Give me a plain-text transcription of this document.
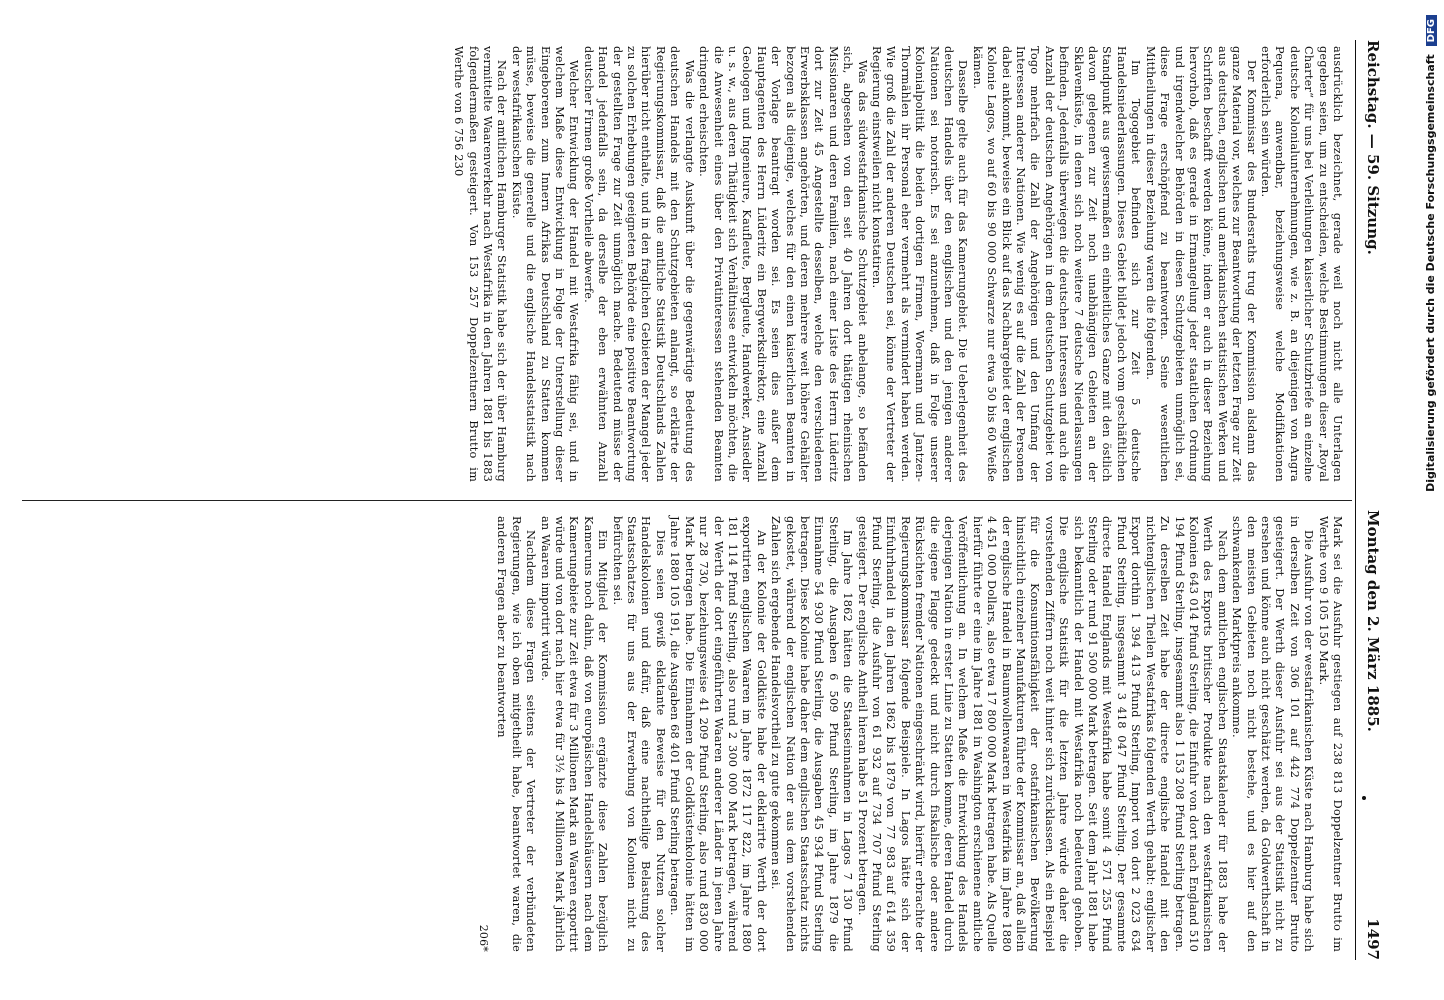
Reichstag. — 59. Sitzung.
Montag den 2. März 1885.
1497

ausdrücklich bezeichnet, gerade weil noch nicht alle Unterlagen gegeben seien, um zu entscheiden, welche Bestimmungen dieser „Royal Charter“ für uns bei Verleihungen kaiserlicher Schutzbriefe an einzelne deutsche Kolonialunternehmungen, wie z. B. an diejenigen von Angra Pequena, anwendbar, beziehungsweise welche Modifikationen erforderlich sein würden.

Der Kommissar des Bundesraths trug der Kommission alsdann das ganze Material vor, welches zur Beantwortung der letzten Frage zur Zeit aus deutschen, englischen und amerikanischen statistischen Werken und Schriften beschafft werden könne, indem er auch in dieser Beziehung hervorhob, daß es gerade in Ermangelung jeder staatlichen Ordnung und irgendwelcher Behörden in diesen Schutzgebieten unmöglich sei, diese Frage erschöpfend zu beantworten. Seine wesentlichen Mittheilungen in dieser Beziehung waren die folgenden.

Im Togogebiet befinden sich zur Zeit 5 deutsche Handelsniederlassungen. Dieses Gebiet bildet jedoch vom geschäftlichen Standpunkt aus gewissermaßen ein einheitliches Ganze mit den östlich davon gelegenen zur Zeit noch unabhängigen Gebieten an der Sklavenküste, in denen sich noch weitere 7 deutsche Niederlassungen befinden. Jedenfalls überwiegen die deutschen Interessen und auch die Anzahl der deutschen Angehörigen in dem deutschen Schutzgebiet von Togo mehrfach die Zahl der Angehörigen und den Umfang der Interessen anderer Nationen. Wie wenig es auf die Zahl der Personen dabei ankommt, beweise ein Blick auf das Nachbargebiet der englischen Kolonie Lagos, wo auf 60 bis 90 000 Schwarze nur etwa 50 bis 60 Weiße kämen.

Dasselbe gelte auch für das Kamerungebiet. Die Ueberlegenheit des deutschen Handels über den englischen und den jenigen anderer Nationen sei notorisch. Es sei anzunehmen, daß in Folge unserer Kolonialpolitik die beiden dortigen Firmen, Woermann und Jantzen-Thormählen ihr Personal eher vermehrt als vermindert haben werden. Wie groß die Zahl der anderen Deutschen sei, könne der Vertreter der Regierung einstweilen nicht konstatiren.

Was das südwestafrikanische Schutzgebiet anbelange, so befänden sich, abgesehen von den seit 40 Jahren dort thätigen rheinischen Missionaren und deren Familien, nach einer Liste des Herrn Lüderitz dort zur Zeit 45 Angestellte desselben, welche den verschiedenen Erwerbsklassen angehörten, und deren mehrere weit höhere Gehälter bezogen als diejenige, welches für den einen kaiserlichen Beamten in der Vorlage beantragt worden sei. Es seien dies außer dem Hauptagenten des Herrn Lüderitz ein Bergwerksdirektor, eine Anzahl Geologen und Ingenieure, Kaufleute, Bergleute, Handwerker, Ansiedler u. s. w., aus deren Thätigkeit sich Verhältnisse entwickeln möchten, die die Anwesenheit eines über den Privatinteressen stehenden Beamten dringend erheischten.

Was die verlangte Auskunft über die gegenwärtige Bedeutung des deutschen Handels mit den Schutzgebieten anlangt, so erklärte der Regierungskommissar, daß die amtliche Statistik Deutschlands Zahlen hierüber nicht enthalte, und in den fraglichen Gebieten der Mangel jeder zu solchen Erhebungen geeigneten Behörde eine positive Beantwortung der gestellten Frage zur Zeit unmöglich mache. Bedeutend müsse der Handel jedenfalls sein, da derselbe der eben erwähnten Anzahl deutscher Firmen große Vortheile abwerfe.

Welcher Entwicklung der Handel mit Westafrika fähig sei, und in welchem Maße diese Entwicklung in Folge der Unterstellung dieser Eingeborenen zum Innern Afrikas Deutschland zu Statten kommen müsse, beweise die generelle und die englische Handelsstatistik nach der westafrikanischen Küste.

Nach der amtlichen Hamburger Statistik habe sich der über Hamburg vermittelte Waarenverkehr nach Westafrika in den Jahren 1881 bis 1883 folgendermaßen gesteigert. Von 153 257 Doppelzentnern Brutto im Werthe von 6 756 230

Mark sei die Ausfuhr gestiegen auf 238 813 Doppelzentner Brutto im Werthe von 9 105 150 Mark.

Die Ausfuhr von der westafrikanischen Küste nach Hamburg habe sich in derselben Zeit von 306 101 auf 442 774 Doppelzentner Brutto gesteigert. Der Werth dieser Ausfuhr sei aus der Statistik nicht zu ersehen und könne auch nicht geschätzt werden, da Goldwerthschaft in den meisten Gebieten noch nicht bestehe, und es hier auf den schwankenden Marktpreis ankomme.

Nach dem amtlichen englischen Staatskalender für 1883 habe der Werth des Exports britischer Produkte nach den westafrikanischen Kolonien 643 014 Pfund Sterling, die Einfuhr von dort nach England 510 194 Pfund Sterling, insgesammt also 1 153 208 Pfund Sterling betragen. Zu derselben Zeit habe der directe englische Handel mit den nichtenglischen Theilen Westafrikas folgenden Werth gehabt: englischer Export dorthin 1 394 413 Pfund Sterling, Import von dort 2 023 634 Pfund Sterling, insgesammt 3 418 047 Pfund Sterling. Der gesammte directe Handel Englands mit Westafrika habe somit 4 571 255 Pfund Sterling oder rund 91 500 000 Mark betragen. Seit dem Jahr 1881 habe sich bekanntlich der Handel mit Westafrika noch bedeutend gehoben. Die englische Statistik für die letzten Jahre würde daher die vorstehenden Ziffern noch weit hinter sich zurücklassen. Als ein Beispiel für die Konsumtionsfähigkeit der ostafrikanischen Bevölkerung hinsichtlich einzelner Manufakturen führte der Kommissar an, daß allein der englische Handel in Baumwollenwaaren in Westafrika im Jahre 1880 4 451 000 Dollars, also etwa 17 800 000 Mark betragen habe. Als Quelle hierfür führte er eine im Jahre 1881 in Washington erschienene amtliche Veröffentlichung an. In welchem Maße die Entwicklung des Handels derjenigen Nation in erster Linie zu Statten komme, deren Handel durch die eigene Flagge gedeckt und nicht durch fiskalische oder andere Rücksichten fremder Nationen eingeschränkt wird, hierfür erbrachte der Regierungskommissar folgende Beispiele. In Lagos hätte sich der Einfuhrhandel in den Jahren 1862 bis 1879 von 77 983 auf 614 359 Pfund Sterling, die Ausfuhr von 61 932 auf 734 707 Pfund Sterling gesteigert. Der englische Antheil hieran habe 51 Prozent betragen.

Im Jahre 1862 hätten die Staatseinnahmen in Lagos 7 130 Pfund Sterling, die Ausgaben 6 509 Pfund Sterling, im Jahre 1879 die Einnahme 54 930 Pfund Sterling, die Ausgaben 45 934 Pfund Sterling betragen. Diese Kolonie habe daher dem englischen Staatsschatz nichts gekostet, während der englischen Nation der aus dem vorstehenden Zahlen sich ergebende Handelsvortheil zu gute gekommen sei.

An der Kolonie der Goldküste habe der deklarirte Werth der dort exportirten englischen Waaren im Jahre 1872 117 822, im Jahre 1880 181 114 Pfund Sterling, also rund 2 300 000 Mark betragen, während der Werth der dort eingeführten Waaren anderer Länder in jenen Jahre nur 28 730, beziehungsweise 41 209 Pfund Sterling, also rund 830 000 Mark betragen habe. Die Einnahmen der Goldküstenkolonie hätten im Jahre 1880 105 191, die Ausgaben 68 401 Pfund Sterling betragen.

Dies seien gewiß eklatante Beweise für den Nutzen solcher Handelskolonien und dafür, daß eine nachtheilige Belastung des Staatsschatzes für uns aus der Erwerbung von Kolonien nicht zu befürchten sei.

Ein Mitglied der Kommission ergänzte diese Zahlen bezüglich Kameruns noch dahin, daß von europäischen Handelshäusern nach dem Kamerungebiete zur Zeit etwa für 3 Millionen Mark an Waaren exportirt würde und von dort nach hier etwa für 3½ bis 4 Millionen Mark jährlich an Waaren importirt würde.

Nachdem diese Fragen seitens der Vertreter der verbündeten Regierungen, wie ich oben mitgetheilt habe, beantwortet waren, die anderen Fragen aber zu beantworten

206*
Digitalisierung gefördert durch die Deutsche Forschungsgemeinschaft DFG
